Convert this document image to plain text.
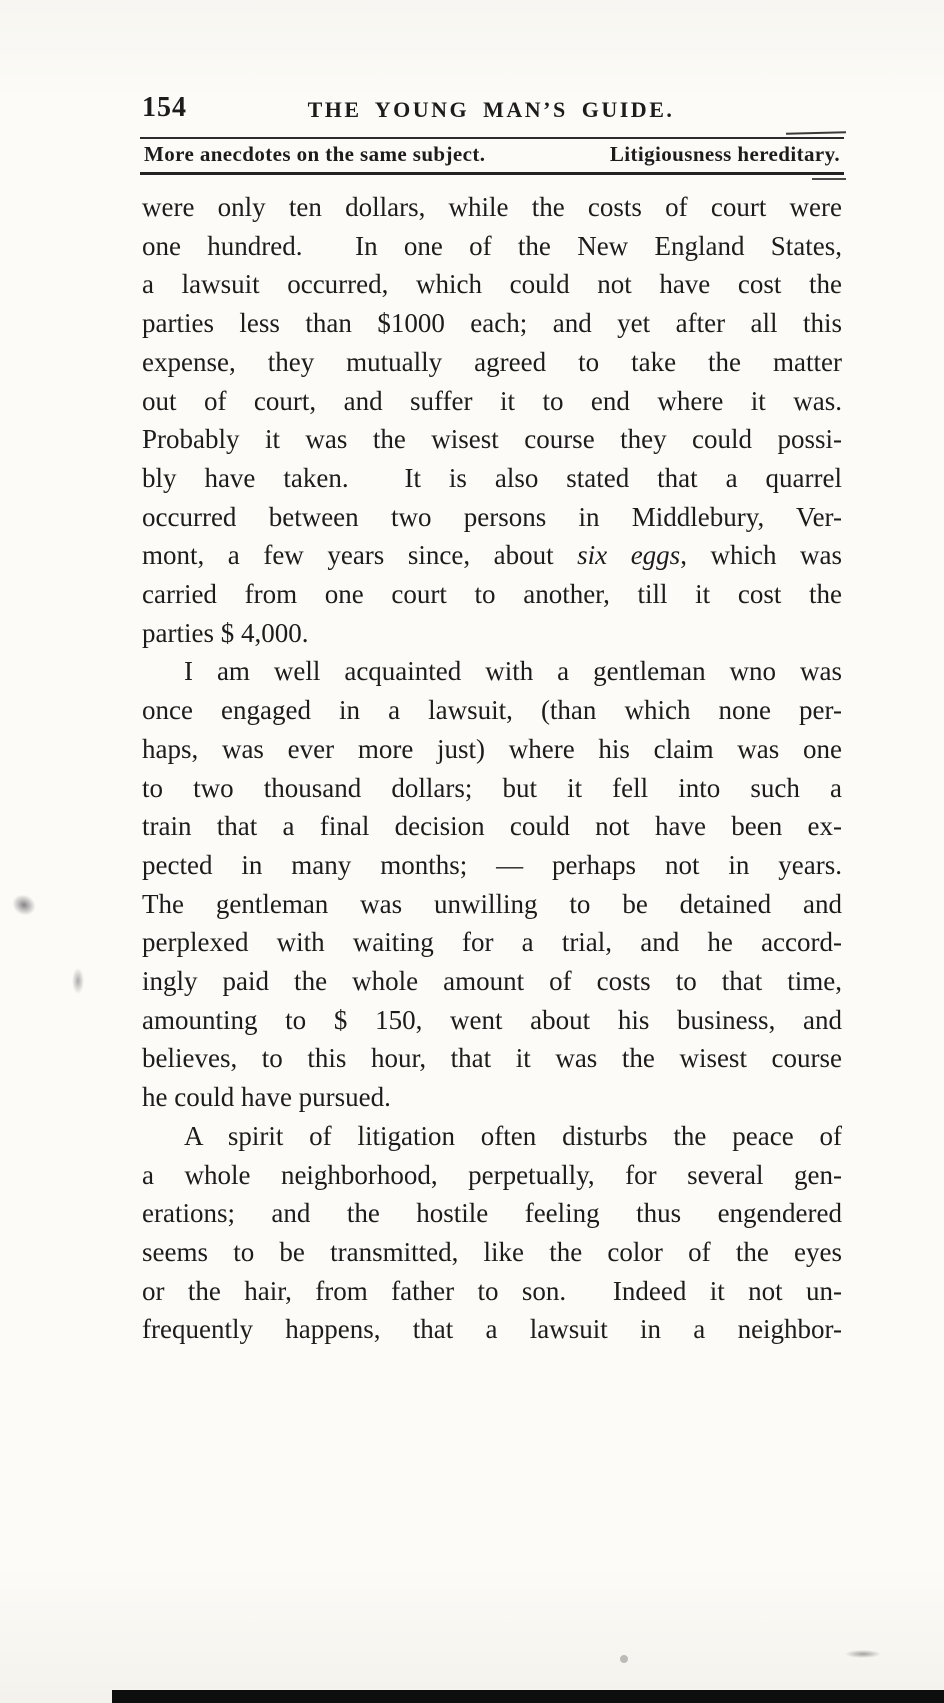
154	THE YOUNG MAN’S GUIDE.
More anecdotes on the same subject.	Litigiousness hereditary.
were only ten dollars, while the costs of court were
one hundred.  In one of the New England States,
a lawsuit occurred, which could not have cost the
parties less than $1000 each; and yet after all this
expense, they mutually agreed to take the matter
out of court, and suffer it to end where it was.
Probably it was the wisest course they could possi-
bly have taken.  It is also stated that a quarrel
occurred between two persons in Middlebury, Ver-
mont, a few years since, about six eggs, which was
carried from one court to another, till it cost the
parties $ 4,000.
I am well acquainted with a gentleman wno was
once engaged in a lawsuit, (than which none per-
haps, was ever more just) where his claim was one
to two thousand dollars; but it fell into such a
train that a final decision could not have been ex-
pected in many months; — perhaps not in years.
The gentleman was unwilling to be detained and
perplexed with waiting for a trial, and he accord-
ingly paid the whole amount of costs to that time,
amounting to $ 150, went about his business, and
believes, to this hour, that it was the wisest course
he could have pursued.
A spirit of litigation often disturbs the peace of
a whole neighborhood, perpetually, for several gen-
erations; and the hostile feeling thus engendered
seems to be transmitted, like the color of the eyes
or the hair, from father to son.  Indeed it not un-
frequently happens, that a lawsuit in a neighbor-
